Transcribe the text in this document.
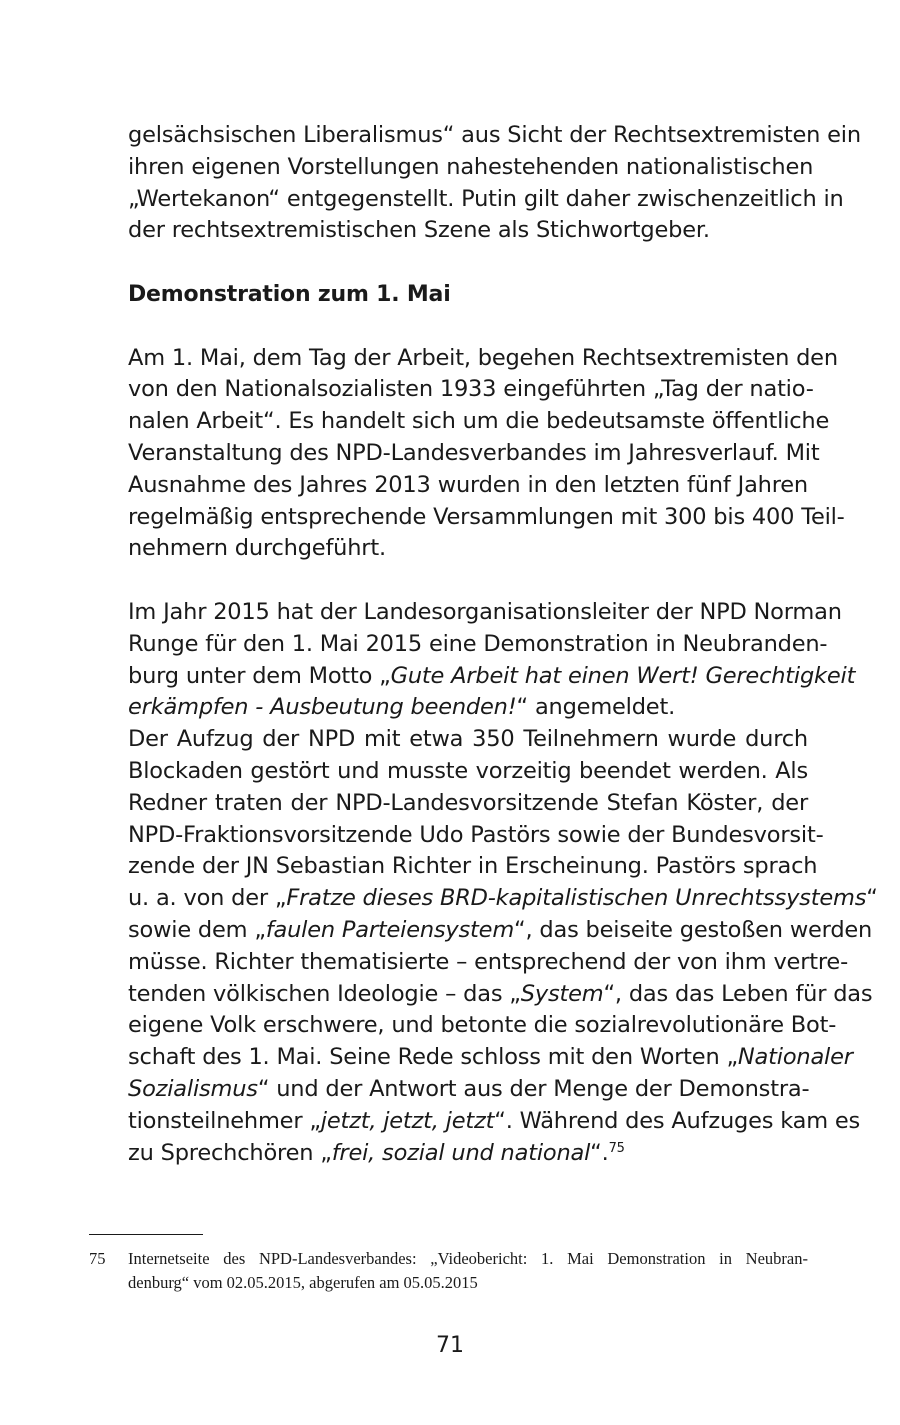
gelsächsischen Liberalismus“ aus Sicht der Rechtsextremisten ein
ihren eigenen Vorstellungen nahestehenden nationalistischen
„Wertekanon“ entgegenstellt. Putin gilt daher zwischenzeitlich in
der rechtsextremistischen Szene als Stichwortgeber.
Demonstration zum 1. Mai
Am 1. Mai, dem Tag der Arbeit, begehen Rechtsextremisten den
von den Nationalsozialisten 1933 eingeführten „Tag der natio-
nalen Arbeit“. Es handelt sich um die bedeutsamste öffentliche
Veranstaltung des NPD-Landesverbandes im Jahresverlauf. Mit
Ausnahme des Jahres 2013 wurden in den letzten fünf Jahren
regelmäßig entsprechende Versammlungen mit 300 bis 400 Teil-
nehmern durchgeführt.
Im Jahr 2015 hat der Landesorganisationsleiter der NPD Norman
Runge für den 1. Mai 2015 eine Demonstration in Neubranden-
burg unter dem Motto „Gute Arbeit hat einen Wert! Gerechtigkeit
erkämpfen - Ausbeutung beenden!“ angemeldet.
Der Aufzug der NPD mit etwa 350 Teilnehmern wurde durch
Blockaden gestört und musste vorzeitig beendet werden. Als
Redner traten der NPD-Landesvorsitzende Stefan Köster, der
NPD-Fraktionsvorsitzende Udo Pastörs sowie der Bundesvorsit-
zende der JN Sebastian Richter in Erscheinung. Pastörs sprach
u. a. von der „Fratze dieses BRD-kapitalistischen Unrechtssystems“
sowie dem „faulen Parteiensystem“, das beiseite gestoßen werden
müsse. Richter thematisierte – entsprechend der von ihm vertre-
tenden völkischen Ideologie – das „System“, das das Leben für das
eigene Volk erschwere, und betonte die sozialrevolutionäre Bot-
schaft des 1. Mai. Seine Rede schloss mit den Worten „Nationaler
Sozialismus“ und der Antwort aus der Menge der Demonstra-
tionsteilnehmer „jetzt, jetzt, jetzt“. Während des Aufzuges kam es
zu Sprechchören „frei, sozial und national“.$^{75}$
75 Internetseite des NPD-Landesverbandes: „Videobericht: 1. Mai Demonstration in Neubran-
denburg“ vom 02.05.2015, abgerufen am 05.05.2015
71
